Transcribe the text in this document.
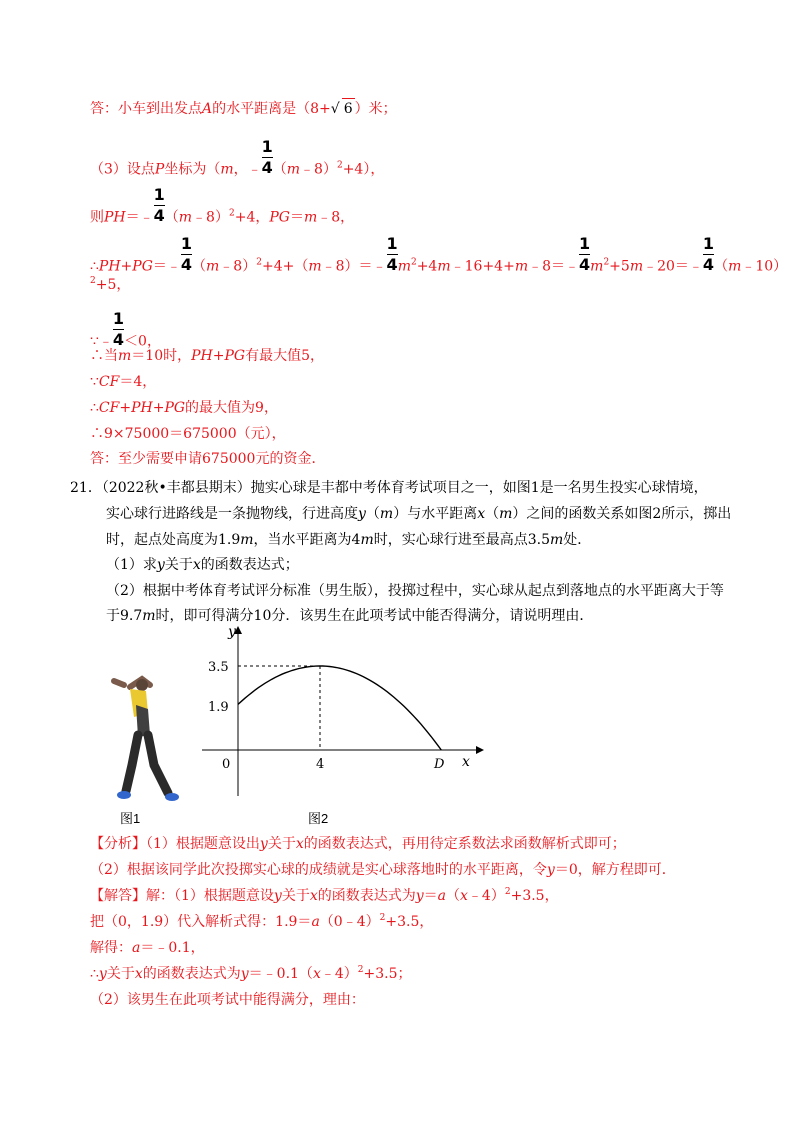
答：小车到出发点A的水平距离是（8+√ 6 ）米；
（3）设点P坐标为（m，﹣ $\frac{1}{4}$ （m﹣8）$^2$+4），
则PH＝﹣ $\frac{1}{4}$ （m﹣8）$^2$+4，PG＝m﹣8，
∴PH+PG＝﹣ $\frac{1}{4}$ （m﹣8）$^2$+4+（m﹣8）＝﹣ $\frac{1}{4}$ $m^2+4m﹣16+4+m﹣8=﹣ \frac{1}{4}$ $m^2+5m﹣20=﹣ \frac{1}{4}$ （m﹣10）
$^2$+5，
∵﹣ $\frac{1}{4} <0$，
∴当m＝10时，PH+PG有最大值5，
∵CF＝4，
∴CF+PH+PG的最大值为9，
∴9×75000＝675000（元），
答：至少需要申请675000元的资金．
21．（2022秋•丰都县期末）抛实心球是丰都中考体育考试项目之一，如图1是一名男生投实心球情境，
实心球行进路线是一条抛物线，行进高度y（m）与水平距离x（m）之间的函数关系如图2所示，掷出
时，起点处高度为1.9m，当水平距离为4m时，实心球行进至最高点3.5m处．
（1）求y关于x的函数表达式；
（2）根据中考体育考试评分标准（男生版），投掷过程中，实心球从起点到落地点的水平距离大于等
于9.7m时，即可得满分10分．该男生在此项考试中能否得满分，请说明理由．
y
x
3.5
1.9
0	4	D
图1	图2
【分析】（1）根据题意设出y关于x的函数表达式，再用待定系数法求函数解析式即可；
（2）根据该同学此次投掷实心球的成绩就是实心球落地时的水平距离，令y＝0，解方程即可．
【解答】解：（1）根据题意设y关于x的函数表达式为y＝a（x﹣4）$^2$+3.5，
把（0，1.9）代入解析式得：1.9＝a（0﹣4）$^2$+3.5，
解得：a＝﹣0.1，
∴y关于x的函数表达式为y＝﹣0.1（x﹣4）$^2$+3.5；
（2）该男生在此项考试中能得满分，理由：
